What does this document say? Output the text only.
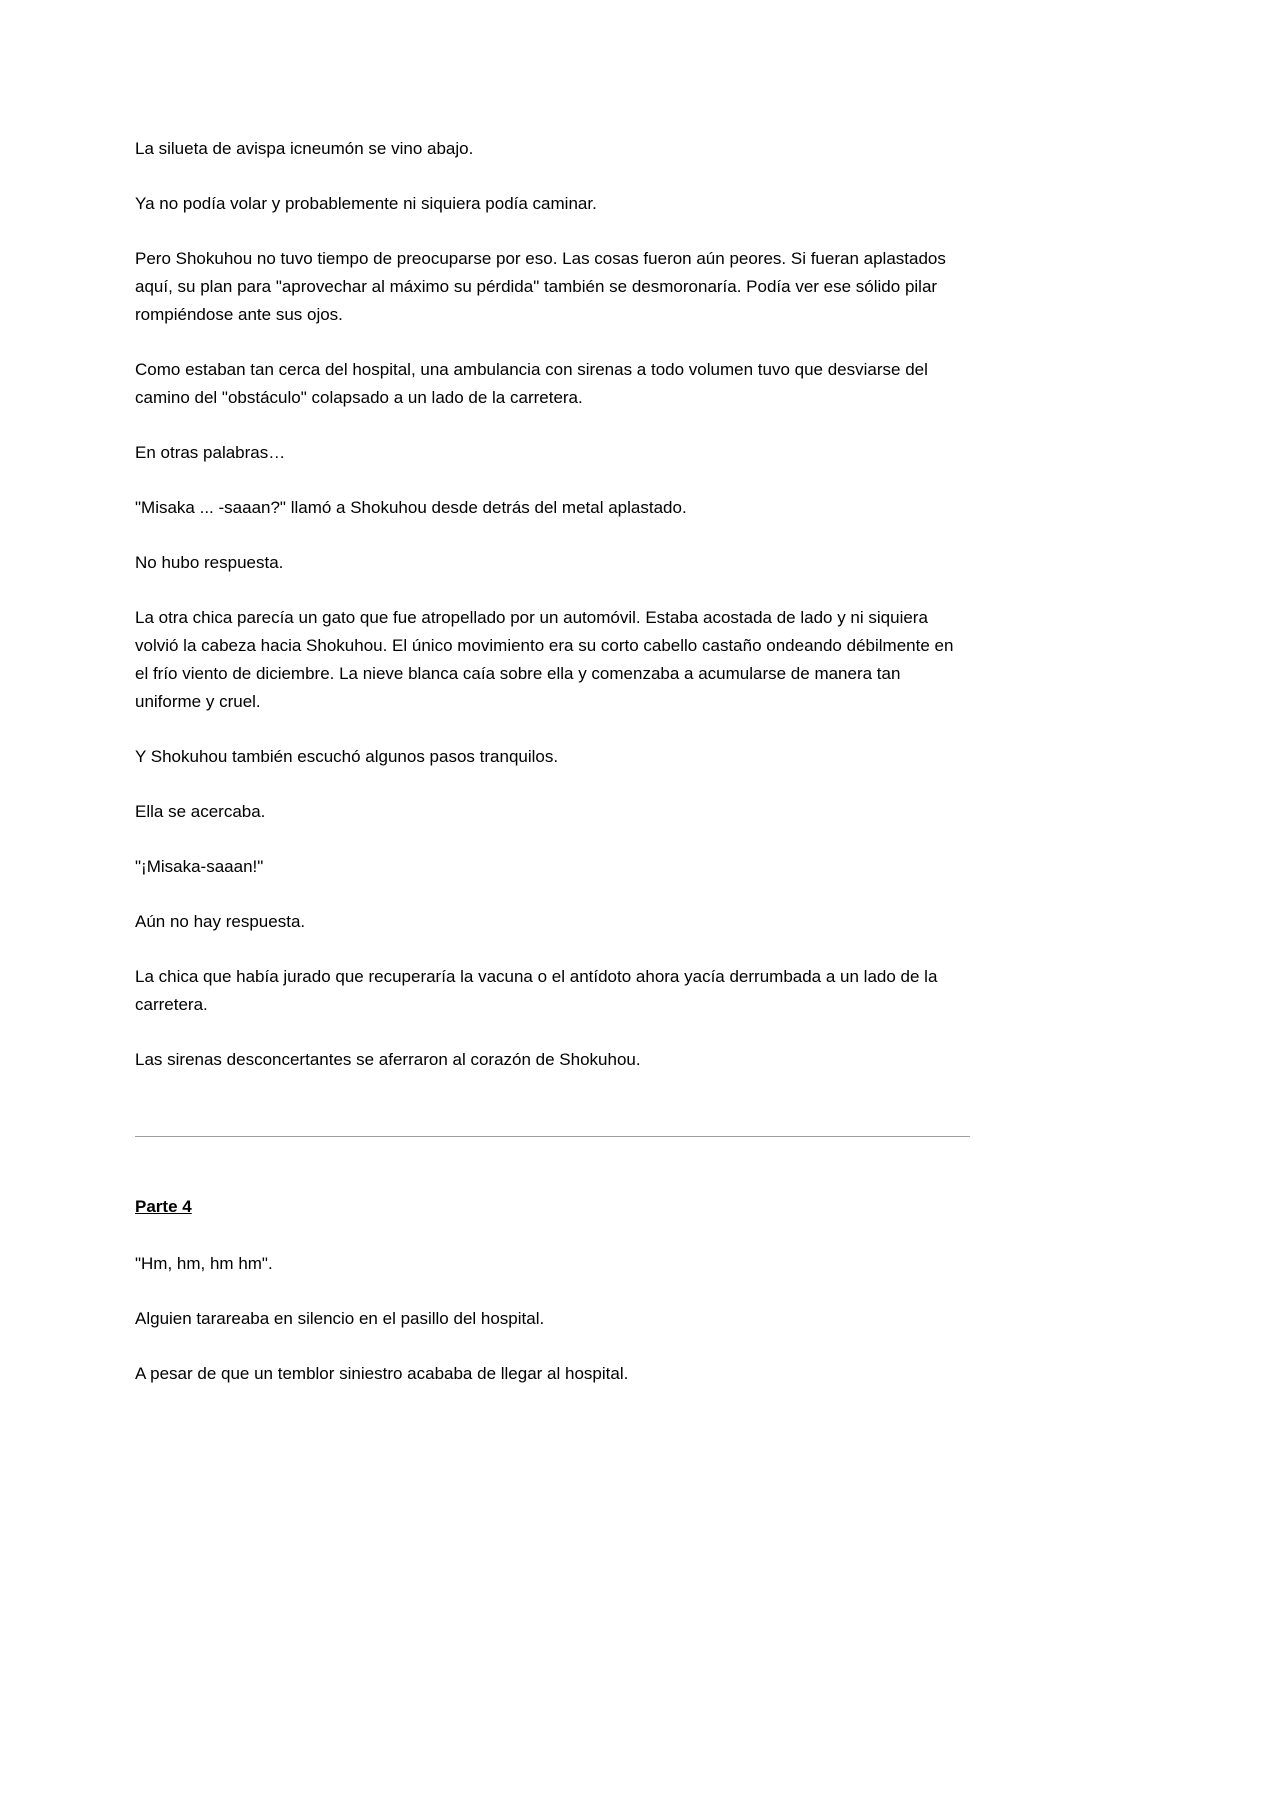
La silueta de avispa icneumón se vino abajo.

Ya no podía volar y probablemente ni siquiera podía caminar.

Pero Shokuhou no tuvo tiempo de preocuparse por eso. Las cosas fueron aún peores. Si fueran aplastados aquí, su plan para "aprovechar al máximo su pérdida" también se desmoronaría. Podía ver ese sólido pilar rompiéndose ante sus ojos.

Como estaban tan cerca del hospital, una ambulancia con sirenas a todo volumen tuvo que desviarse del camino del "obstáculo" colapsado a un lado de la carretera.

En otras palabras…

"Misaka ... -saaan?" llamó a Shokuhou desde detrás del metal aplastado.

No hubo respuesta.

La otra chica parecía un gato que fue atropellado por un automóvil. Estaba acostada de lado y ni siquiera volvió la cabeza hacia Shokuhou. El único movimiento era su corto cabello castaño ondeando débilmente en el frío viento de diciembre. La nieve blanca caía sobre ella y comenzaba a acumularse de manera tan uniforme y cruel.

Y Shokuhou también escuchó algunos pasos tranquilos.

Ella se acercaba.

"¡Misaka-saaan!"

Aún no hay respuesta.

La chica que había jurado que recuperaría la vacuna o el antídoto ahora yacía derrumbada a un lado de la carretera.

Las sirenas desconcertantes se aferraron al corazón de Shokuhou.

Parte 4

"Hm, hm, hm hm".

Alguien tarareaba en silencio en el pasillo del hospital.

A pesar de que un temblor siniestro acababa de llegar al hospital.
